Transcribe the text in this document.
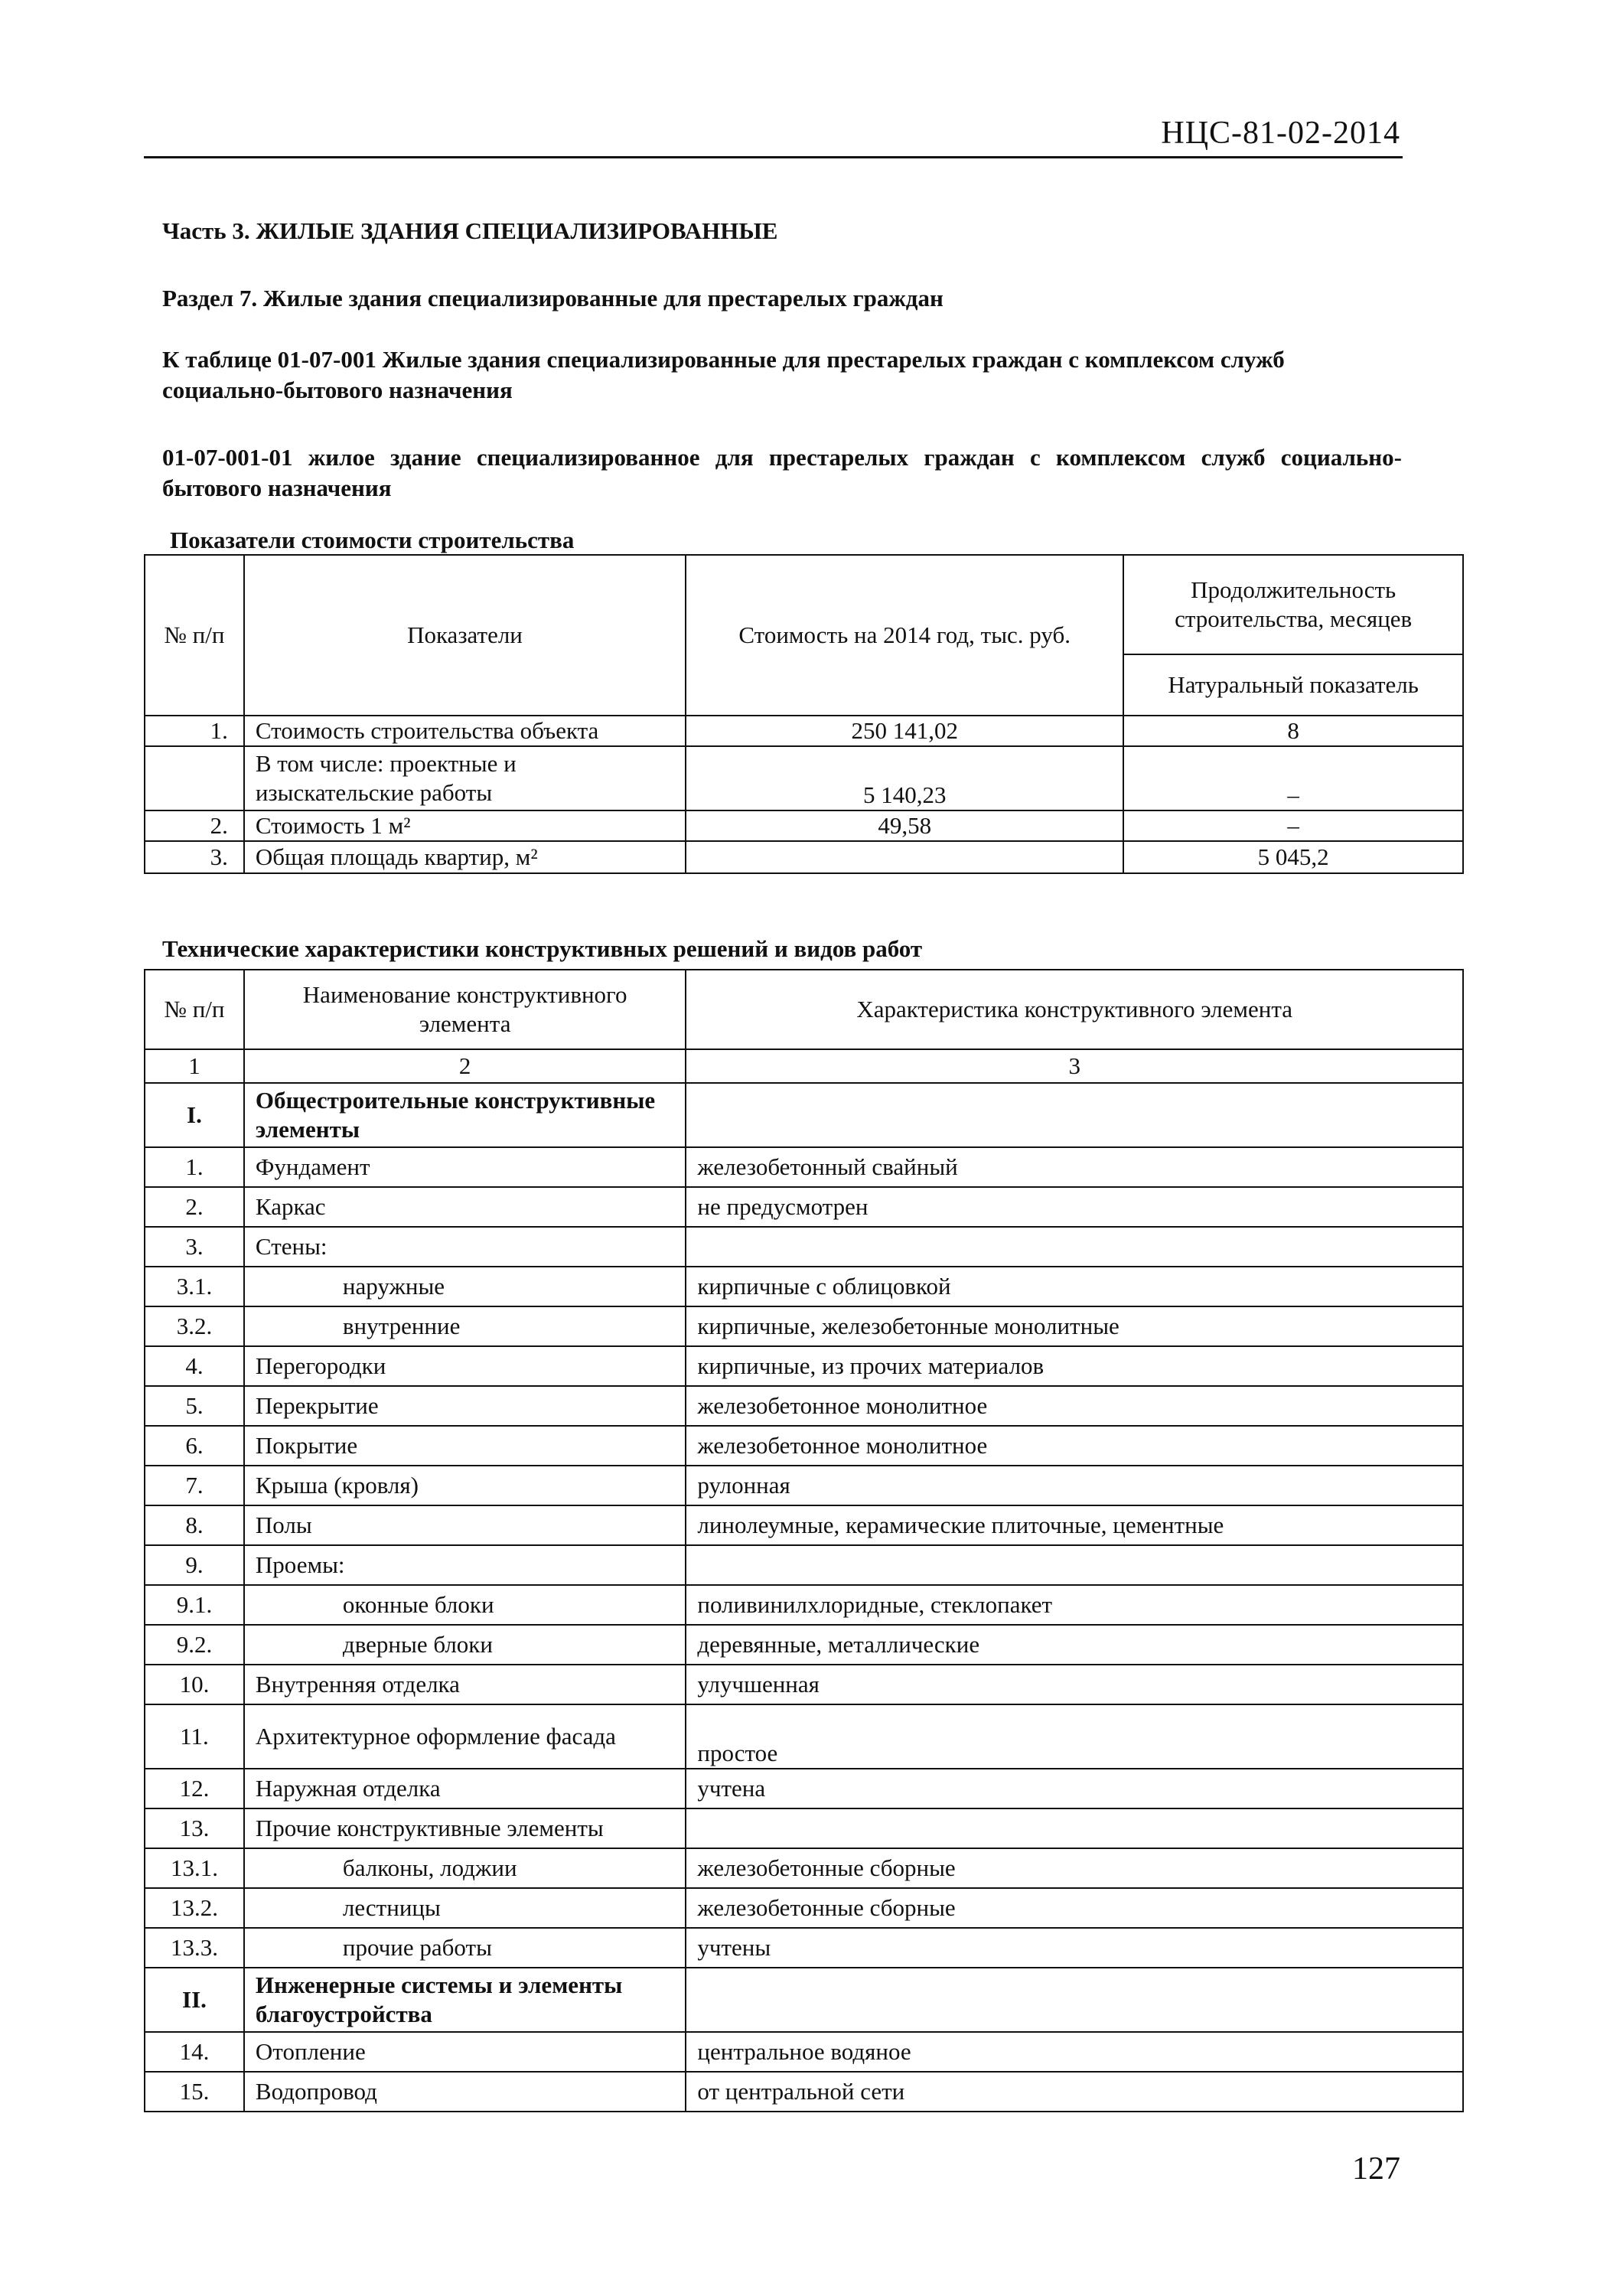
НЦС-81-02-2014
Часть 3. ЖИЛЫЕ ЗДАНИЯ СПЕЦИАЛИЗИРОВАННЫЕ
Раздел 7. Жилые здания специализированные для престарелых граждан
К таблице 01-07-001 Жилые здания специализированные для престарелых граждан с комплексом служб социально-бытового назначения
01-07-001-01 жилое здание специализированное для престарелых граждан с комплексом служб социально-бытового назначения
Показатели стоимости строительства
№ п/п	Показатели	Стоимость на 2014 год, тыс. руб.	Продолжительность строительства, месяцев
			Натуральный показатель
1.	Стоимость строительства объекта	250 141,02	8
	В том числе: проектные и изыскательские работы	5 140,23	–
2.	Стоимость 1 м²	49,58	–
3.	Общая площадь квартир, м²		5 045,2
Технические характеристики конструктивных решений и видов работ
№ п/п	Наименование конструктивного элемента	Характеристика конструктивного элемента
1	2	3
I.	Общестроительные конструктивные элементы	
1.	Фундамент	железобетонный свайный
2.	Каркас	не предусмотрен
3.	Стены:	
3.1.	наружные	кирпичные с облицовкой
3.2.	внутренние	кирпичные, железобетонные монолитные
4.	Перегородки	кирпичные, из прочих материалов
5.	Перекрытие	железобетонное монолитное
6.	Покрытие	железобетонное монолитное
7.	Крыша (кровля)	рулонная
8.	Полы	линолеумные, керамические плиточные, цементные
9.	Проемы:	
9.1.	оконные блоки	поливинилхлоридные, стеклопакет
9.2.	дверные блоки	деревянные, металлические
10.	Внутренняя отделка	улучшенная
11.	Архитектурное оформление фасада	простое
12.	Наружная отделка	учтена
13.	Прочие конструктивные элементы	
13.1.	балконы, лоджии	железобетонные сборные
13.2.	лестницы	железобетонные сборные
13.3.	прочие работы	учтены
II.	Инженерные системы и элементы благоустройства	
14.	Отопление	центральное водяное
15.	Водопровод	от центральной сети
127
